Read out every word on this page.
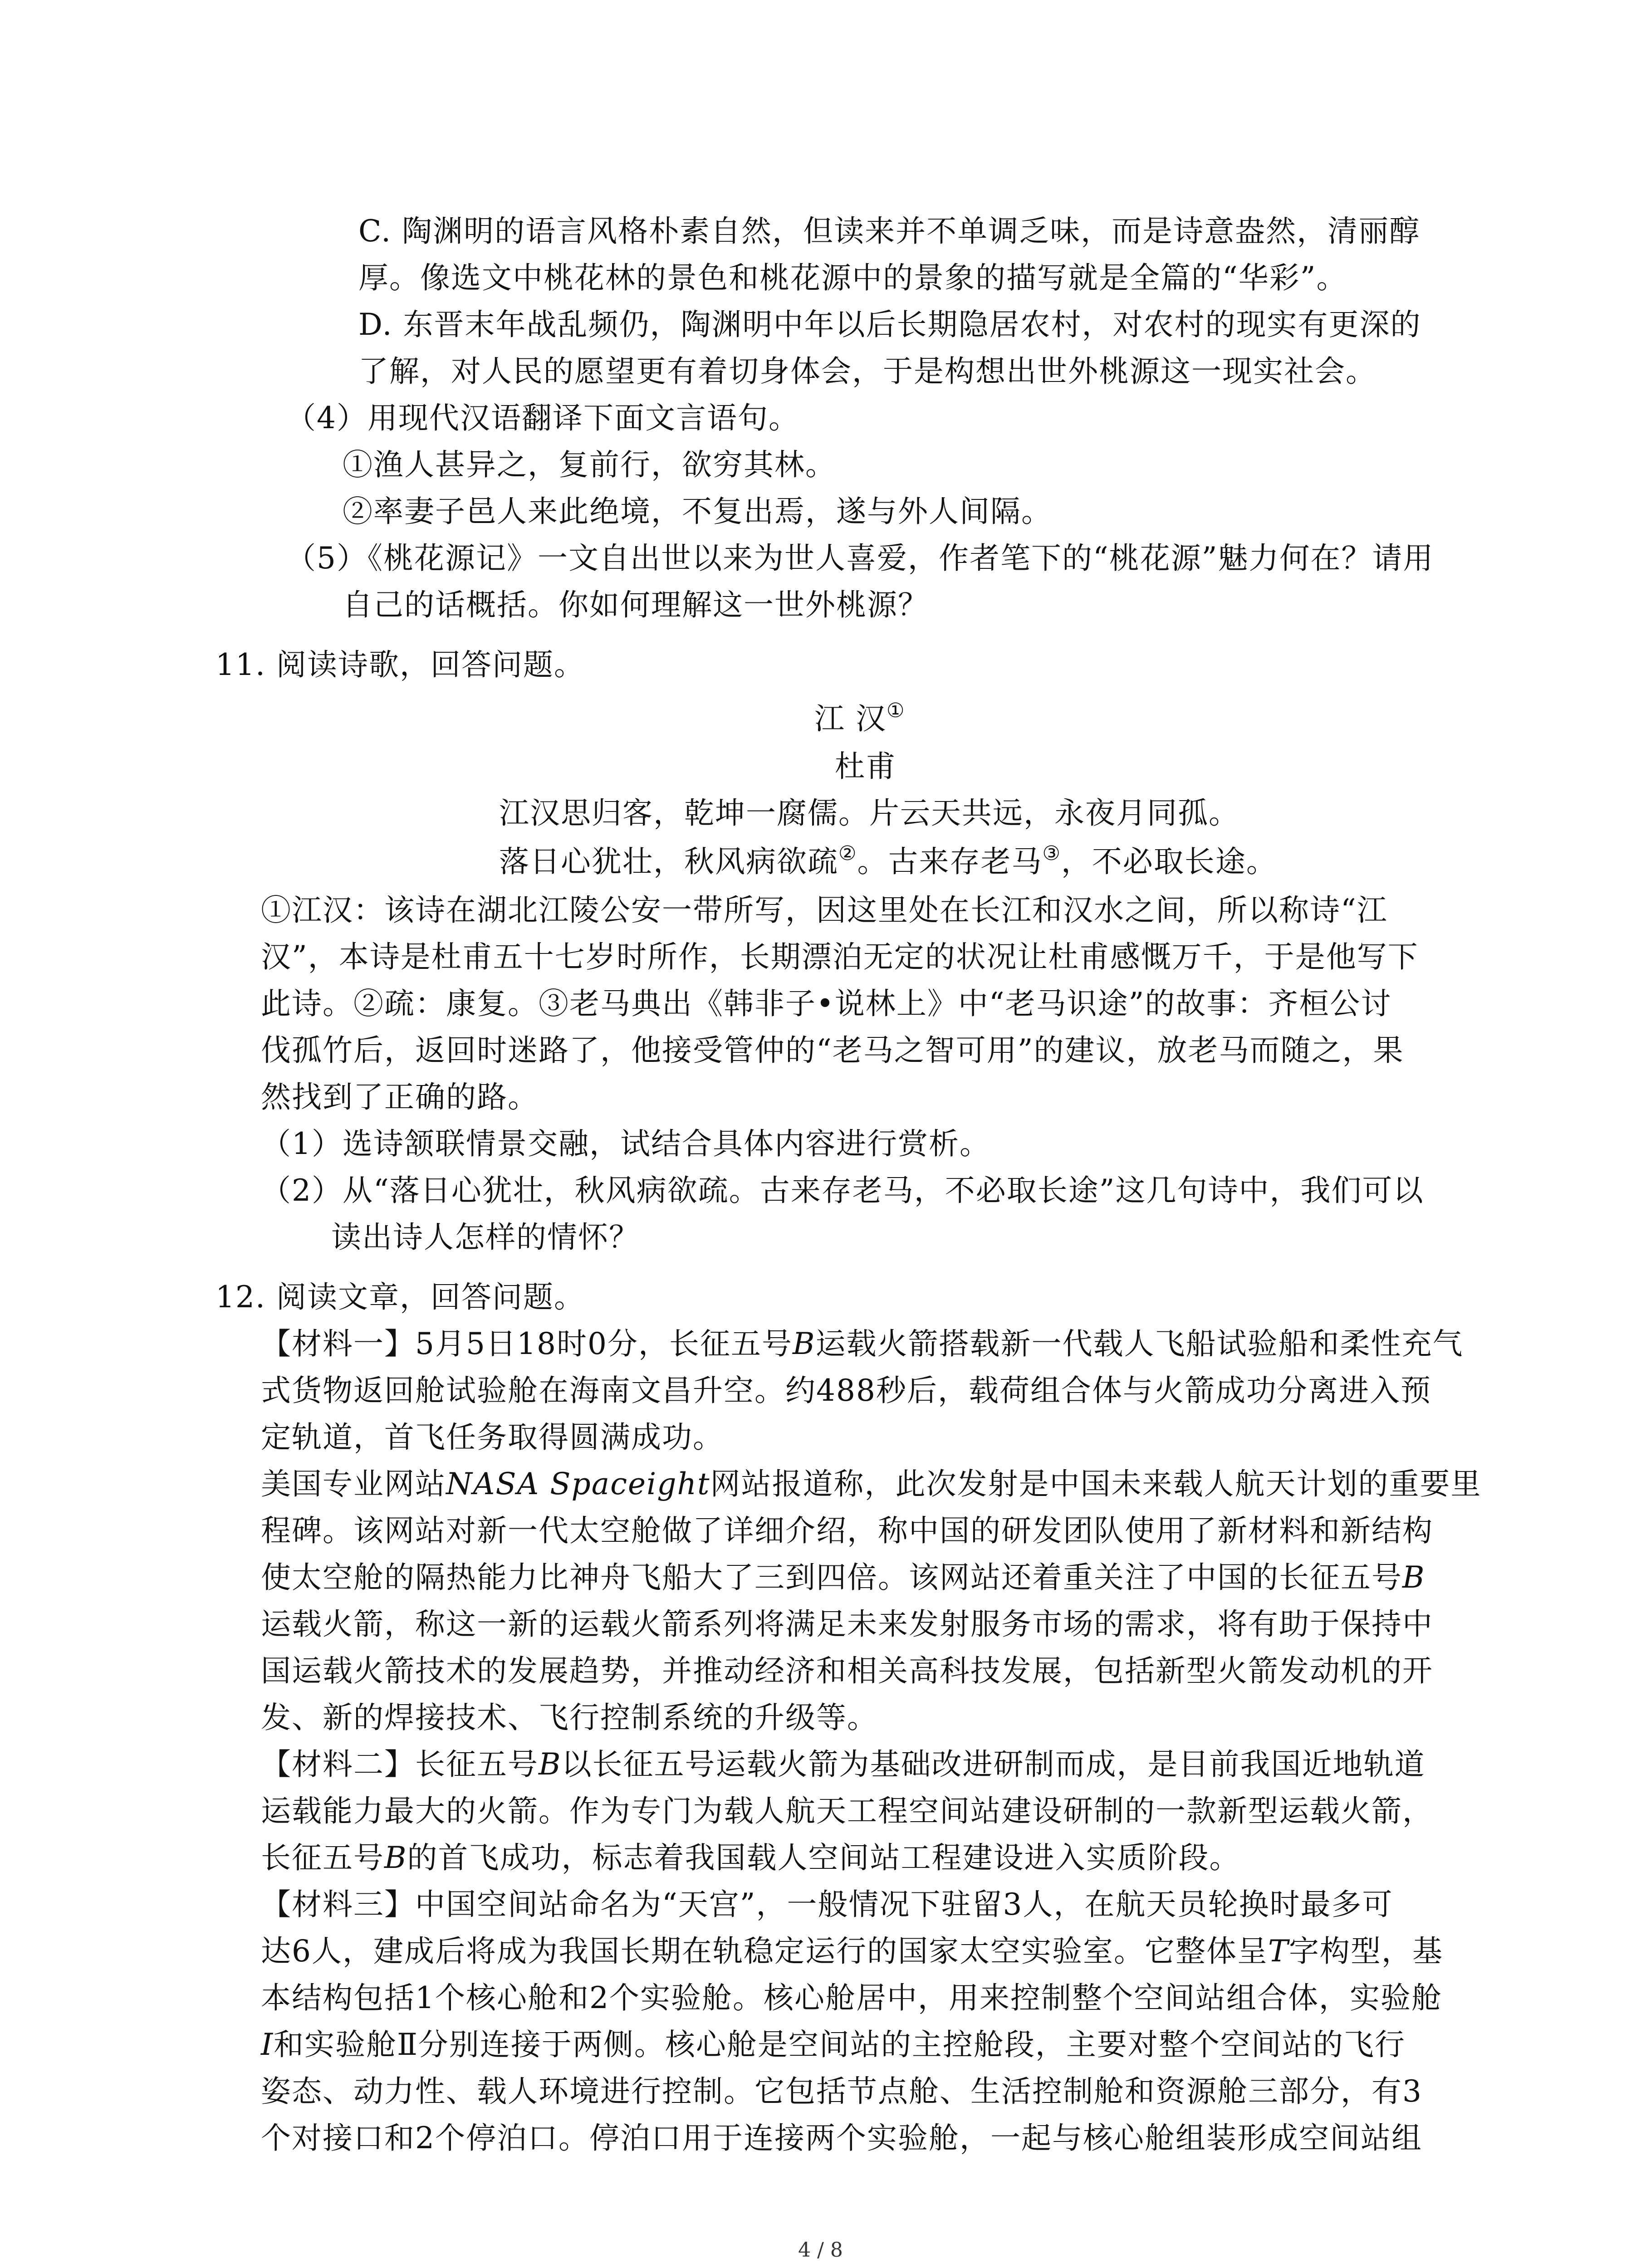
C. 陶渊明的语言风格朴素自然，但读来并不单调乏味，而是诗意盎然，清丽醇
厚。像选文中桃花林的景色和桃花源中的景象的描写就是全篇的“华彩”。
D. 东晋末年战乱频仍，陶渊明中年以后长期隐居农村，对农村的现实有更深的
了解，对人民的愿望更有着切身体会，于是构想出世外桃源这一现实社会。
（4）用现代汉语翻译下面文言语句。
①渔人甚异之，复前行，欲穷其林。
②率妻子邑人来此绝境，不复出焉，遂与外人间隔。
（5）《桃花源记》一文自出世以来为世人喜爱，作者笔下的“桃花源”魅力何在？请用
自己的话概括。你如何理解这一世外桃源？
11. 阅读诗歌，回答问题。
江 汉①
杜甫
江汉思归客，乾坤一腐儒。片云天共远，永夜月同孤。
落日心犹壮，秋风病欲疏②。古来存老马③，不必取长途。
①江汉：该诗在湖北江陵公安一带所写，因这里处在长江和汉水之间，所以称诗“江
汉”，本诗是杜甫五十七岁时所作，长期漂泊无定的状况让杜甫感慨万千，于是他写下
此诗。②疏：康复。③老马典出《韩非子•说林上》中“老马识途”的故事：齐桓公讨
伐孤竹后，返回时迷路了，他接受管仲的“老马之智可用”的建议，放老马而随之，果
然找到了正确的路。
（1）选诗颔联情景交融，试结合具体内容进行赏析。
（2）从“落日心犹壮，秋风病欲疏。古来存老马，不必取长途”这几句诗中，我们可以
读出诗人怎样的情怀？
12. 阅读文章，回答问题。
【材料一】5月5日18时0分，长征五号B运载火箭搭载新一代载人飞船试验船和柔性充气
式货物返回舱试验舱在海南文昌升空。约488秒后，载荷组合体与火箭成功分离进入预
定轨道，首飞任务取得圆满成功。
美国专业网站NASA Spaceight网站报道称，此次发射是中国未来载人航天计划的重要里
程碑。该网站对新一代太空舱做了详细介绍，称中国的研发团队使用了新材料和新结构
使太空舱的隔热能力比神舟飞船大了三到四倍。该网站还着重关注了中国的长征五号B
运载火箭，称这一新的运载火箭系列将满足未来发射服务市场的需求，将有助于保持中
国运载火箭技术的发展趋势，并推动经济和相关高科技发展，包括新型火箭发动机的开
发、新的焊接技术、飞行控制系统的升级等。
【材料二】长征五号B以长征五号运载火箭为基础改进研制而成，是目前我国近地轨道
运载能力最大的火箭。作为专门为载人航天工程空间站建设研制的一款新型运载火箭，
长征五号B的首飞成功，标志着我国载人空间站工程建设进入实质阶段。
【材料三】中国空间站命名为“天宫”，一般情况下驻留3人，在航天员轮换时最多可
达6人，建成后将成为我国长期在轨稳定运行的国家太空实验室。它整体呈T字构型，基
本结构包括1个核心舱和2个实验舱。核心舱居中，用来控制整个空间站组合体，实验舱
I和实验舱Ⅱ分别连接于两侧。核心舱是空间站的主控舱段，主要对整个空间站的飞行
姿态、动力性、载人环境进行控制。它包括节点舱、生活控制舱和资源舱三部分，有3
个对接口和2个停泊口。停泊口用于连接两个实验舱，一起与核心舱组装形成空间站组
4 / 8
